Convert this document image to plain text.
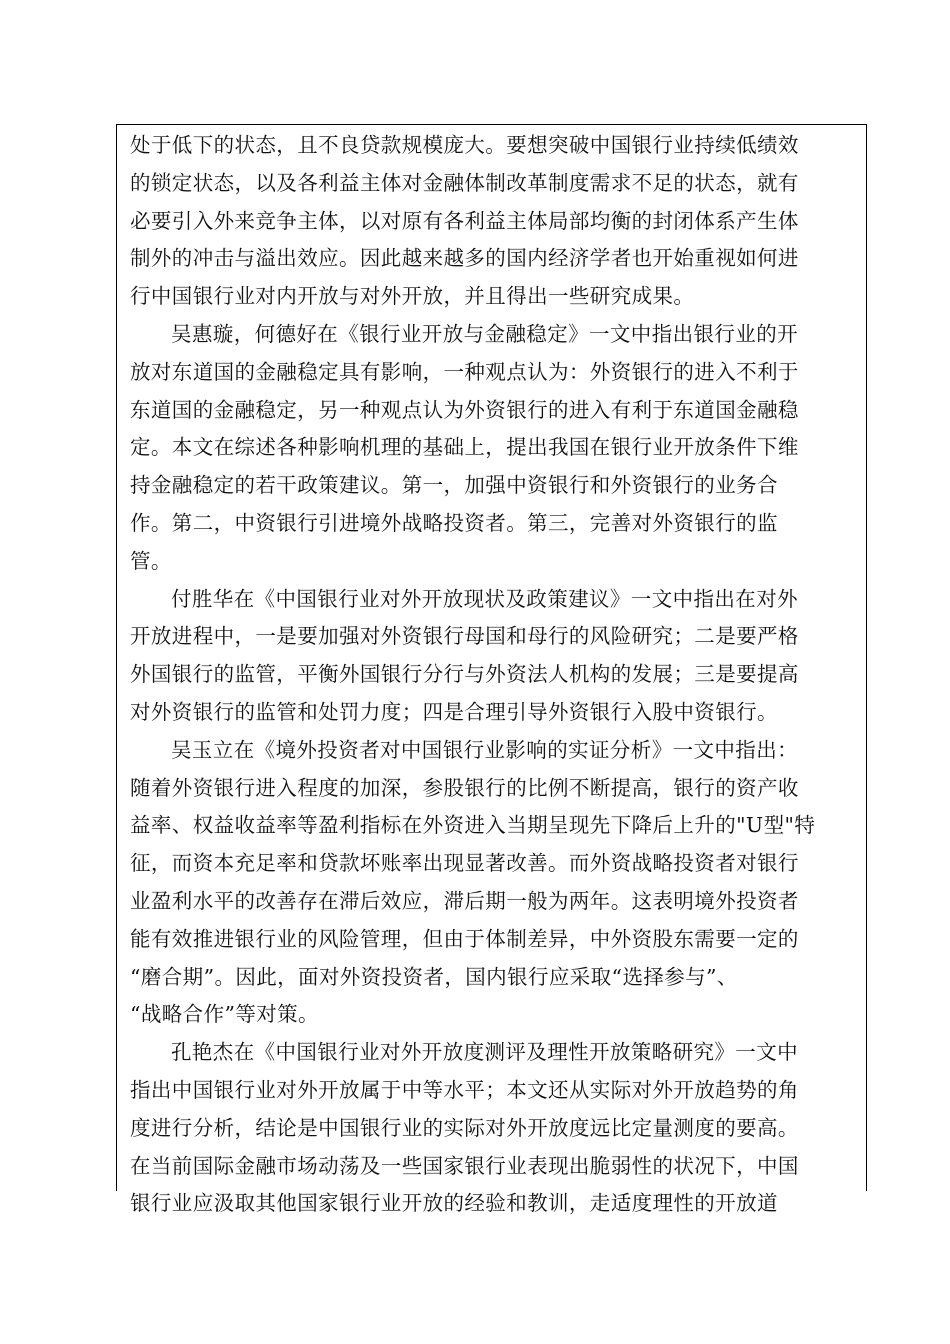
处于低下的状态，且不良贷款规模庞大。要想突破中国银行业持续低绩效
的锁定状态，以及各利益主体对金融体制改革制度需求不足的状态，就有
必要引入外来竞争主体，以对原有各利益主体局部均衡的封闭体系产生体
制外的冲击与溢出效应。因此越来越多的国内经济学者也开始重视如何进
行中国银行业对内开放与对外开放，并且得出一些研究成果。
吴惠璇，何德好在《银行业开放与金融稳定》一文中指出银行业的开
放对东道国的金融稳定具有影响，一种观点认为：外资银行的进入不利于
东道国的金融稳定，另一种观点认为外资银行的进入有利于东道国金融稳
定。本文在综述各种影响机理的基础上，提出我国在银行业开放条件下维
持金融稳定的若干政策建议。第一，加强中资银行和外资银行的业务合
作。第二，中资银行引进境外战略投资者。第三，完善对外资银行的监
管。
付胜华在《中国银行业对外开放现状及政策建议》一文中指出在对外
开放进程中，一是要加强对外资银行母国和母行的风险研究；二是要严格
外国银行的监管，平衡外国银行分行与外资法人机构的发展；三是要提高
对外资银行的监管和处罚力度；四是合理引导外资银行入股中资银行。
吴玉立在《境外投资者对中国银行业影响的实证分析》一文中指出：
随着外资银行进入程度的加深，参股银行的比例不断提高，银行的资产收
益率、权益收益率等盈利指标在外资进入当期呈现先下降后上升的"U型"特
征，而资本充足率和贷款坏账率出现显著改善。而外资战略投资者对银行
业盈利水平的改善存在滞后效应，滞后期一般为两年。这表明境外投资者
能有效推进银行业的风险管理，但由于体制差异，中外资股东需要一定的
“磨合期”。因此，面对外资投资者，国内银行应采取“选择参与”、
“战略合作”等对策。
孔艳杰在《中国银行业对外开放度测评及理性开放策略研究》一文中
指出中国银行业对外开放属于中等水平；本文还从实际对外开放趋势的角
度进行分析，结论是中国银行业的实际对外开放度远比定量测度的要高。
在当前国际金融市场动荡及一些国家银行业表现出脆弱性的状况下，中国
银行业应汲取其他国家银行业开放的经验和教训，走适度理性的开放道
